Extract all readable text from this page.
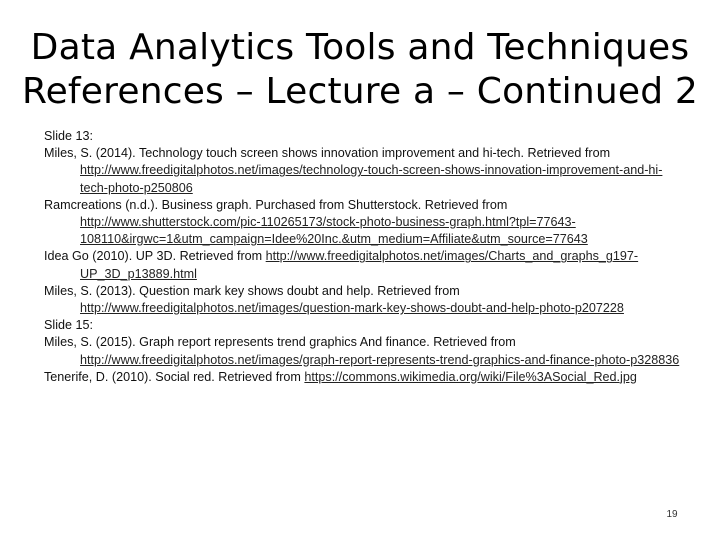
Data Analytics Tools and Techniques
References – Lecture a – Continued 2

Slide 13:

Miles, S. (2014). Technology touch screen shows innovation improvement and hi-tech. Retrieved from http://www.freedigitalphotos.net/images/technology-touch-screen-shows-innovation-improvement-and-hi-tech-photo-p250806

Ramcreations (n.d.). Business graph. Purchased from Shutterstock. Retrieved from http://www.shutterstock.com/pic-110265173/stock-photo-business-graph.html?tpl=77643-108110&irgwc=1&utm_campaign=Idee%20Inc.&utm_medium=Affiliate&utm_source=77643

Idea Go (2010). UP 3D. Retrieved from http://www.freedigitalphotos.net/images/Charts_and_graphs_g197-UP_3D_p13889.html

Miles, S. (2013). Question mark key shows doubt and help. Retrieved from http://www.freedigitalphotos.net/images/question-mark-key-shows-doubt-and-help-photo-p207228

Slide 15:

Miles, S. (2015). Graph report represents trend graphics And finance. Retrieved from http://www.freedigitalphotos.net/images/graph-report-represents-trend-graphics-and-finance-photo-p328836

Tenerife, D. (2010). Social red. Retrieved from https://commons.wikimedia.org/wiki/File%3ASocial_Red.jpg

19
